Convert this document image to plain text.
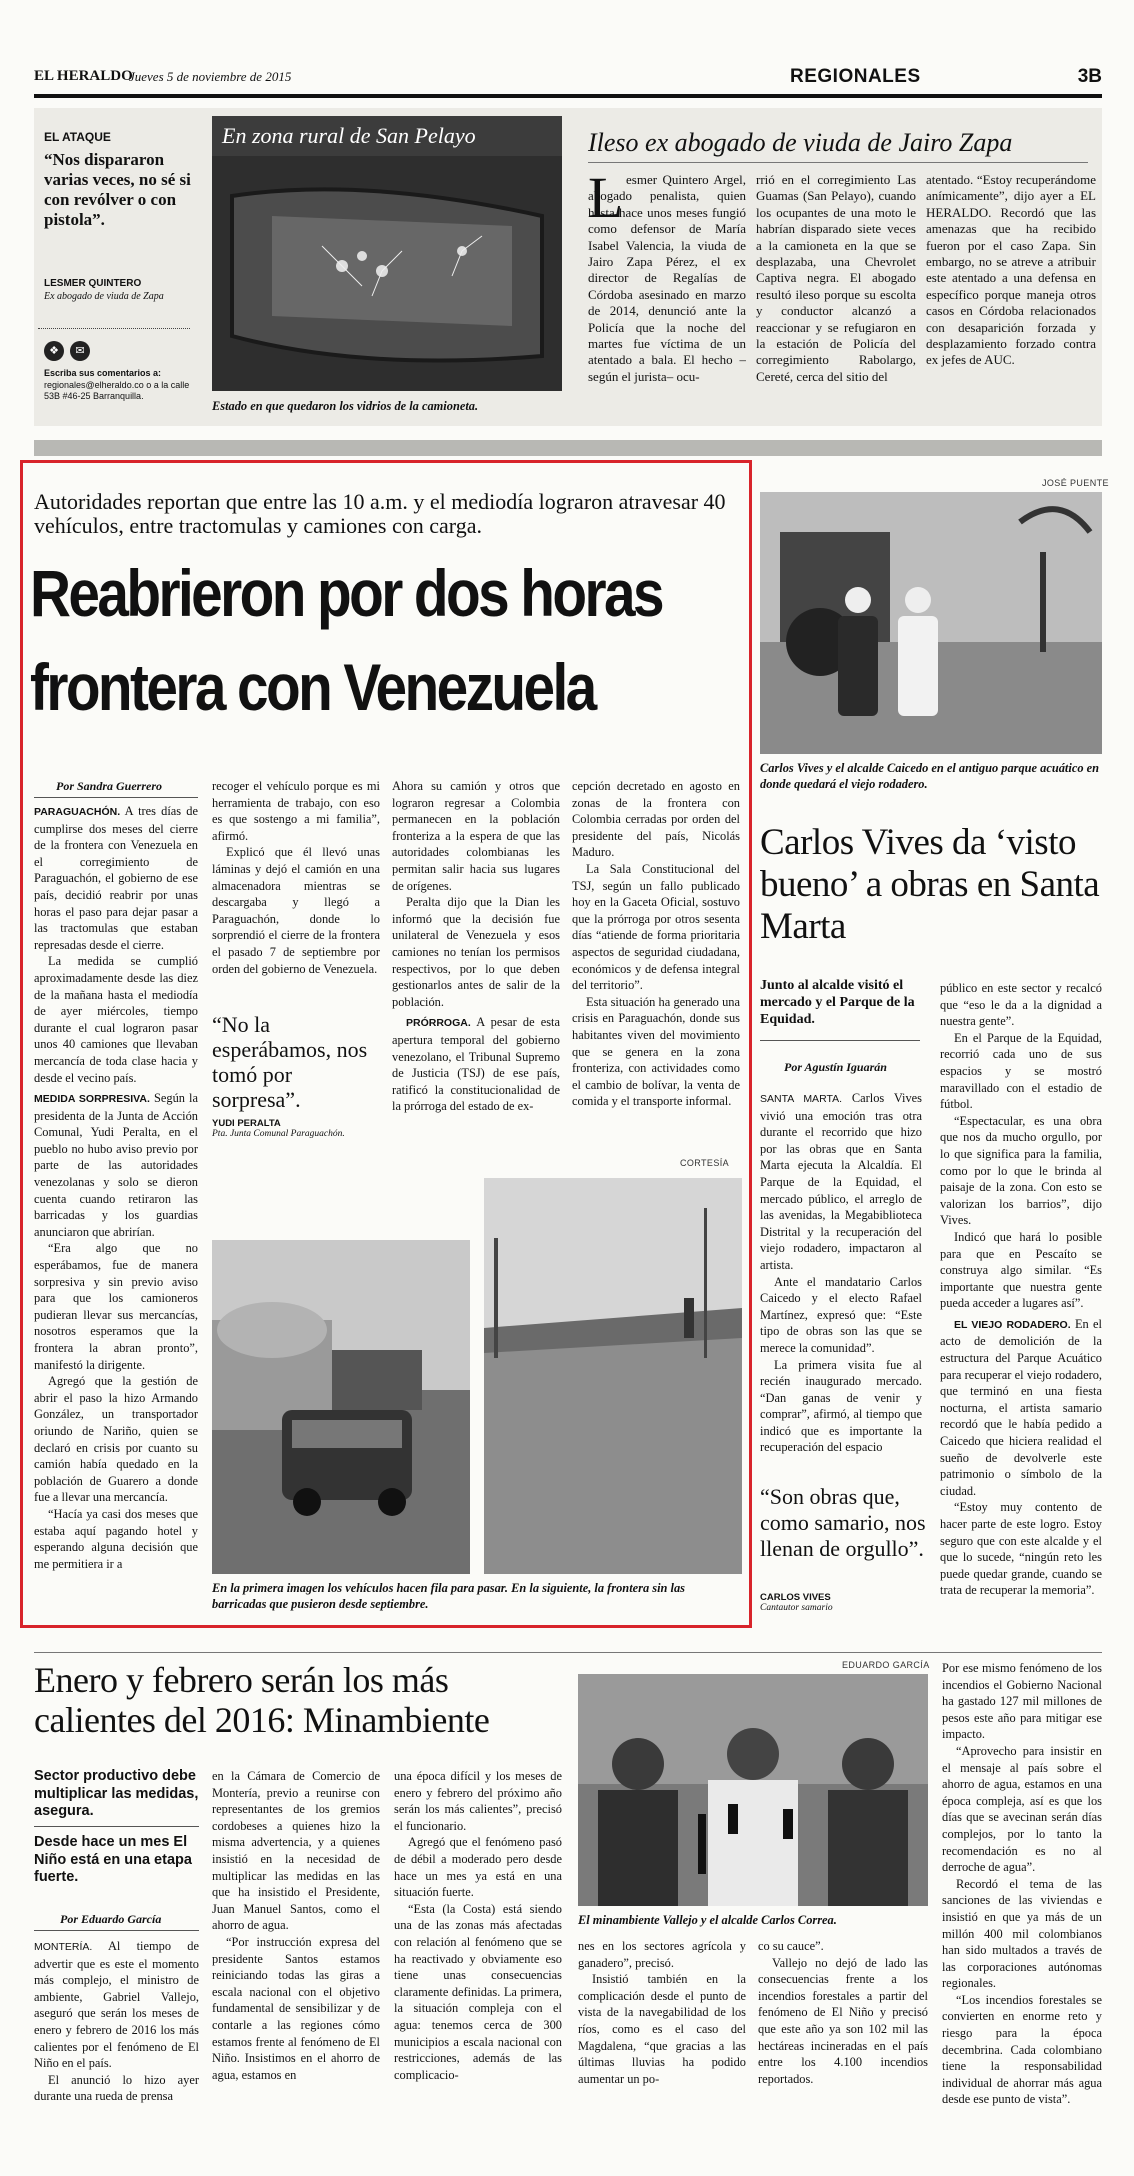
EL HERALDO
Jueves 5 de noviembre de 2015	REGIONALES	3B
EL ATAQUE
“Nos dispararon varias veces, no sé si con revólver o con pistola”.
LESMER QUINTERO
Ex abogado de viuda de Zapa
❖	✉
Escriba sus comentarios a:
regionales@elheraldo.co o a la calle 53B #46-25 Barranquilla.
En zona rural de San Pelayo
Estado en que quedaron los vidrios de la camioneta.
Ileso ex abogado de viuda de Jairo Zapa
L esmer Quintero Argel, abogado penalista, quien hasta hace unos meses fungió como defensor de María Isabel Valencia, la viuda de Jairo Zapa Pérez, el ex director de Regalías de Córdoba asesinado en marzo de 2014, denunció ante la Policía que la noche del martes fue víctima de un atentado a bala. El hecho –según el jurista– ocu-

rrió en el corregimiento Las Guamas (San Pelayo), cuando los ocupantes de una moto le habrían disparado siete veces a la camioneta en la que se desplazaba, una Chevrolet Captiva negra. El abogado resultó ileso porque su escolta y conductor alcanzó a reaccionar y se refugiaron en la estación de Policía del corregimiento Rabolargo, Cereté, cerca del sitio del

atentado. “Estoy recuperándome anímicamente”, dijo ayer a EL HERALDO. Recordó que las amenazas que ha recibido fueron por el caso Zapa. Sin embargo, no se atreve a atribuir este atentado a una defensa en específico porque maneja otros casos en Córdoba relacionados con desaparición forzada y desplazamiento forzado contra ex jefes de AUC.

Autoridades reportan que entre las 10 a.m. y el mediodía lograron atravesar 40 vehículos, entre tractomulas y camiones con carga.
Reabrieron por dos horas
frontera con Venezuela
Por Sandra Guerrero

PARAGUACHÓN. A tres días de cumplirse dos meses del cierre de la frontera con Venezuela en el corregimiento de Paraguachón, el gobierno de ese país, decidió reabrir por unas horas el paso para dejar pasar a las tractomulas que estaban represadas desde el cierre.

La medida se cumplió aproximadamente desde las diez de la mañana hasta el mediodía de ayer miércoles, tiempo durante el cual lograron pasar unos 40 camiones que llevaban mercancía de toda clase hacia y desde el vecino país.

MEDIDA SORPRESIVA. Según la presidenta de la Junta de Acción Comunal, Yudi Peralta, en el pueblo no hubo aviso previo por parte de las autoridades venezolanas y solo se dieron cuenta cuando retiraron las barricadas y los guardias anunciaron que abrirían.

“Era algo que no esperábamos, fue de manera sorpresiva y sin previo aviso para que los camioneros pudieran llevar sus mercancías, nosotros esperamos que la frontera la abran pronto”, manifestó la dirigente.

Agregó que la gestión de abrir el paso la hizo Armando González, un transportador oriundo de Nariño, quien se declaró en crisis por cuanto su camión había quedado en la población de Guarero a donde fue a llevar una mercancía.

“Hacía ya casi dos meses que estaba aquí pagando hotel y esperando alguna decisión que me permitiera ir a

recoger el vehículo porque es mi herramienta de trabajo, con eso es que sostengo a mi familia”, afirmó.

Explicó que él llevó unas láminas y dejó el camión en una almacenadora mientras se descargaba y llegó a Paraguachón, donde lo sorprendió el cierre de la frontera el pasado 7 de septiembre por orden del gobierno de Venezuela.

“No la esperábamos, nos tomó por sorpresa”.
YUDI PERALTA
Pta. Junta Comunal Paraguachón.

Ahora su camión y otros que lograron regresar a Colombia permanecen en la población fronteriza a la espera de que las autoridades colombianas les permitan salir hacia sus lugares de orígenes.

Peralta dijo que la Dian les informó que la decisión fue unilateral de Venezuela y esos camiones no tenían los permisos respectivos, por lo que deben gestionarlos antes de salir de la población.

PRÓRROGA. A pesar de esta apertura temporal del gobierno venezolano, el Tribunal Supremo de Justicia (TSJ) de ese país, ratificó la constitucionalidad de la prórroga del estado de ex-

cepción decretado en agosto en zonas de la frontera con Colombia cerradas por orden del presidente del país, Nicolás Maduro.

La Sala Constitucional del TSJ, según un fallo publicado hoy en la Gaceta Oficial, sostuvo que la prórroga por otros sesenta días “atiende de forma prioritaria aspectos de seguridad ciudadana, económicos y de defensa integral del territorio”.

Esta situación ha generado una crisis en Paraguachón, donde sus habitantes viven del movimiento que se genera en la zona fronteriza, con actividades como el cambio de bolívar, la venta de comida y el transporte informal.

CORTESÍA
En la primera imagen los vehículos hacen fila para pasar. En la siguiente, la frontera sin las barricadas que pusieron desde septiembre.
JOSÉ PUENTE
Carlos Vives y el alcalde Caicedo en el antiguo parque acuático en donde quedará el viejo rodadero.
Carlos Vives da ‘visto bueno’ a obras en Santa Marta
Junto al alcalde visitó el mercado y el Parque de la Equidad.
Por Agustín Iguarán

SANTA MARTA. Carlos Vives vivió una emoción tras otra durante el recorrido que hizo por las obras que en Santa Marta ejecuta la Alcaldía. El Parque de la Equidad, el mercado público, el arreglo de las avenidas, la Megabiblioteca Distrital y la recuperación del viejo rodadero, impactaron al artista.

Ante el mandatario Carlos Caicedo y el electo Rafael Martínez, expresó que: “Este tipo de obras son las que se merece la comunidad”.

La primera visita fue al recién inaugurado mercado. “Dan ganas de venir y comprar”, afirmó, al tiempo que indicó que es importante la recuperación del espacio

“Son obras que, como samario, nos llenan de orgullo”.
CARLOS VIVES
Cantautor samario

público en este sector y recalcó que “eso le da a la dignidad a nuestra gente”.

En el Parque de la Equidad, recorrió cada uno de sus espacios y se mostró maravillado con el estadio de fútbol.

“Espectacular, es una obra que nos da mucho orgullo, por lo que significa para la familia, como por lo que le brinda al paisaje de la zona. Con esto se valorizan los barrios”, dijo Vives.

Indicó que hará lo posible para que en Pescaíto se construya algo similar. “Es importante que nuestra gente pueda acceder a lugares así”.

EL VIEJO RODADERO. En el acto de demolición de la estructura del Parque Acuático para recuperar el viejo rodadero, que terminó en una fiesta nocturna, el artista samario recordó que le había pedido a Caicedo que hiciera realidad el sueño de devolverle este patrimonio o símbolo de la ciudad.

“Estoy muy contento de hacer parte de este logro. Estoy seguro que con este alcalde y el que lo sucede, “ningún reto les puede quedar grande, cuando se trata de recuperar la memoria”.

Enero y febrero serán los más calientes del 2016: Minambiente
Sector productivo debe multiplicar las medidas, asegura.
Desde hace un mes El Niño está en una etapa fuerte.
Por Eduardo García

MONTERÍA. Al tiempo de advertir que es este el momento más complejo, el ministro de ambiente, Gabriel Vallejo, aseguró que serán los meses de enero y febrero de 2016 los más calientes por el fenómeno de El Niño en el país.

El anunció lo hizo ayer durante una rueda de prensa

en la Cámara de Comercio de Montería, previo a reunirse con representantes de los gremios cordobeses a quienes hizo la misma advertencia, y a quienes insistió en la necesidad de multiplicar las medidas en las que ha insistido el Presidente, Juan Manuel Santos, como el ahorro de agua.

“Por instrucción expresa del presidente Santos estamos reiniciando todas las giras a escala nacional con el objetivo fundamental de sensibilizar y de contarle a las regiones cómo estamos frente al fenómeno de El Niño. Insistimos en el ahorro de agua, estamos en

una época difícil y los meses de enero y febrero del próximo año serán los más calientes”, precisó el funcionario.

Agregó que el fenómeno pasó de débil a moderado pero desde hace un mes ya está en una situación fuerte.

“Esta (la Costa) está siendo una de las zonas más afectadas con relación al fenómeno que se ha reactivado y obviamente eso tiene unas consecuencias claramente definidas. La primera, la situación compleja con el agua: tenemos cerca de 300 municipios a escala nacional con restricciones, además de las complicacio-

EDUARDO GARCÍA
El minambiente Vallejo y el alcalde Carlos Correa.

nes en los sectores agrícola y ganadero”, precisó.

Insistió también en la complicación desde el punto de vista de la navegabilidad de los ríos, como es el caso del Magdalena, “que gracias a las últimas lluvias ha podido aumentar un po-

co su cauce”.

Vallejo no dejó de lado las consecuencias frente a los incendios forestales a partir del fenómeno de El Niño y precisó que este año ya son 102 mil las hectáreas incineradas en el país entre los 4.100 incendios reportados.

Por ese mismo fenómeno de los incendios el Gobierno Nacional ha gastado 127 mil millones de pesos este año para mitigar ese impacto.

“Aprovecho para insistir en el mensaje al país sobre el ahorro de agua, estamos en una época compleja, así es que los días que se avecinan serán días complejos, por lo tanto la recomendación es no al derroche de agua”.

Recordó el tema de las sanciones de las viviendas e insistió en que ya más de un millón 400 mil colombianos han sido multados a través de las corporaciones autónomas regionales.

“Los incendios forestales se convierten en enorme reto y riesgo para la época decembrina. Cada colombiano tiene la responsabilidad individual de ahorrar más agua desde ese punto de vista”.
